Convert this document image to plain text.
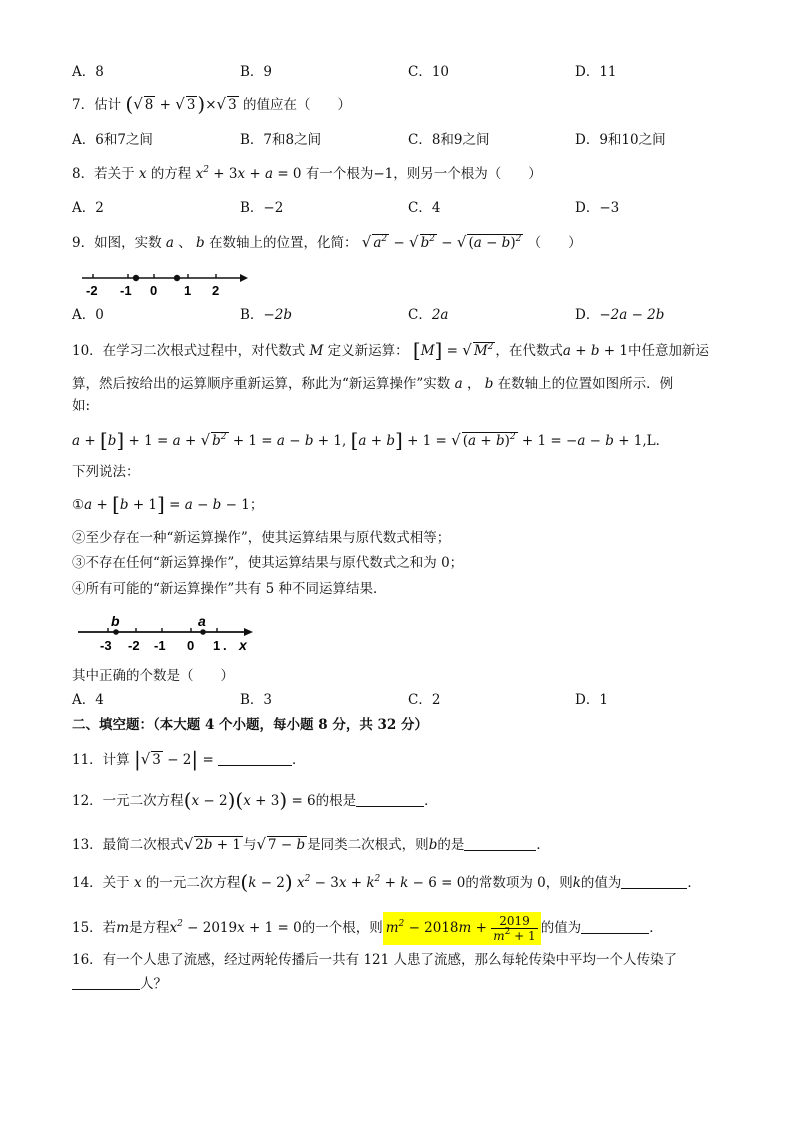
A．8	B．9	C．10	D．11
7．估计 (√ 8 + √ 3 )×√ 3 的值应在（　　）
A．6和7之间	B．7和8之间	C．8和9之间	D．9和10之间
8．若关于 x 的方程 $x^2 + 3x + a = 0$ 有一个根为−1，则另一个根为（　　）
A．2	B．−2	C．4	D．−3
9．如图，实数 a 、 b 在数轴上的位置，化简： √ $a^2$ − √ $b^2$ − √ $(a - b)^2$ （　　）
-2 -1 0 1 2
A．0	B．−2b	C．2a	D．−2a − 2b
10．在学习二次根式过程中，对代数式 M 定义新运算： [M] = √ $M^2$ ，在代数式a + b + 1中任意加新运
算，然后按给出的运算顺序重新运算，称此为“新运算操作”实数 a ， b 在数轴上的位置如图所示．例
如:
a + [b] + 1 = a + √ $b^2 + 1 = a - b + 1$, [a + b] + 1 = √ $(a + b)^2 + 1 = -a - b + 1,L$．
下列说法：
①a + [b + 1] = a − b − 1；
②至少存在一种“新运算操作”，使其运算结果与原代数式相等；
③不存在任何“新运算操作”，使其运算结果与原代数式之和为 0；
④所有可能的“新运算操作”共有 5 种不同运算结果．
b	a
-3 -2 -1 0 1 . x
其中正确的个数是（　　）
A．4	B．3	C．2	D．1
二、填空题：（本大题 4 个小题，每小题 8 分，共 32 分）
11．计算 |√ 3 − 2| =	．
12．一元二次方程(x − 2)(x + 3) = 6的根是	．
13．最简二次根式√ 2b + 1 与√ 7 − b 是同类二次根式，则b的是	．
14．关于 x 的一元二次方程(k − 2) $x^2 - 3x + k^2 + k - 6 = 0$的常数项为 0，则k的值为	．
15．若m是方程$x^2 - 2019x + 1 = 0$的一个根，则 $m^2 - 2018m + \frac{2019}{m^2 + 1}$ 的值为	．
16．有一个人患了流感，经过两轮传播后一共有 121 人患了流感，那么每轮传染中平均一个人传染了
人？
